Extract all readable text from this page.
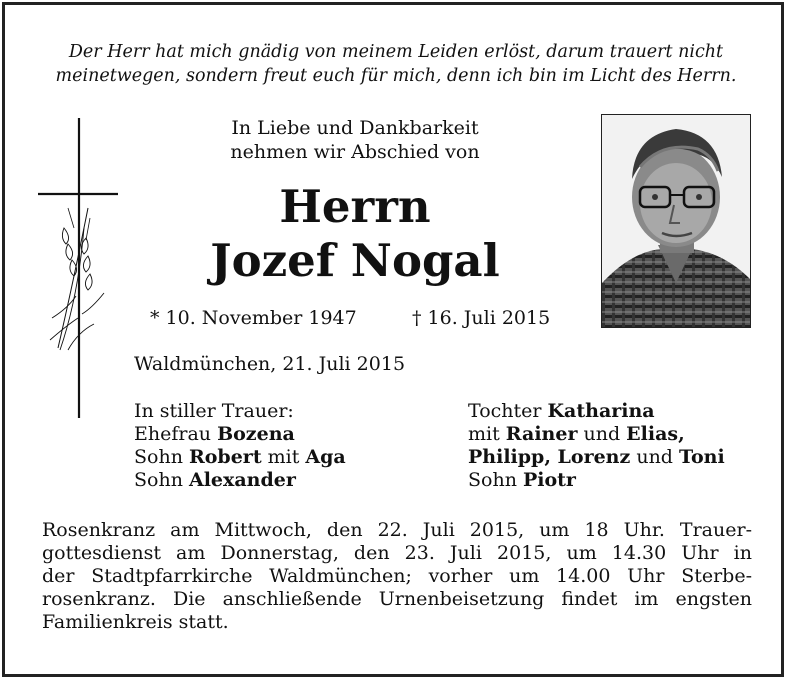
Der Herr hat mich gnädig von meinem Leiden erlöst, darum trauert nicht
meinetwegen, sondern freut euch für mich, denn ich bin im Licht des Herrn.
In Liebe und Dankbarkeit
nehmen wir Abschied von
Herrn
Jozef Nogal
* 10. November 1947	† 16. Juli 2015
Waldmünchen, 21. Juli 2015
In stiller Trauer:
Ehefrau Bozena
Sohn Robert mit Aga
Sohn Alexander
Tochter Katharina
mit Rainer und Elias,
Philipp, Lorenz und Toni
Sohn Piotr
Rosenkranz am Mittwoch, den 22. Juli 2015, um 18 Uhr. Trauer-
gottesdienst am Donnerstag, den 23. Juli 2015, um 14.30 Uhr in
der Stadtpfarrkirche Waldmünchen; vorher um 14.00 Uhr Sterbe-
rosenkranz. Die anschließende Urnenbeisetzung findet im engsten
Familienkreis statt.
